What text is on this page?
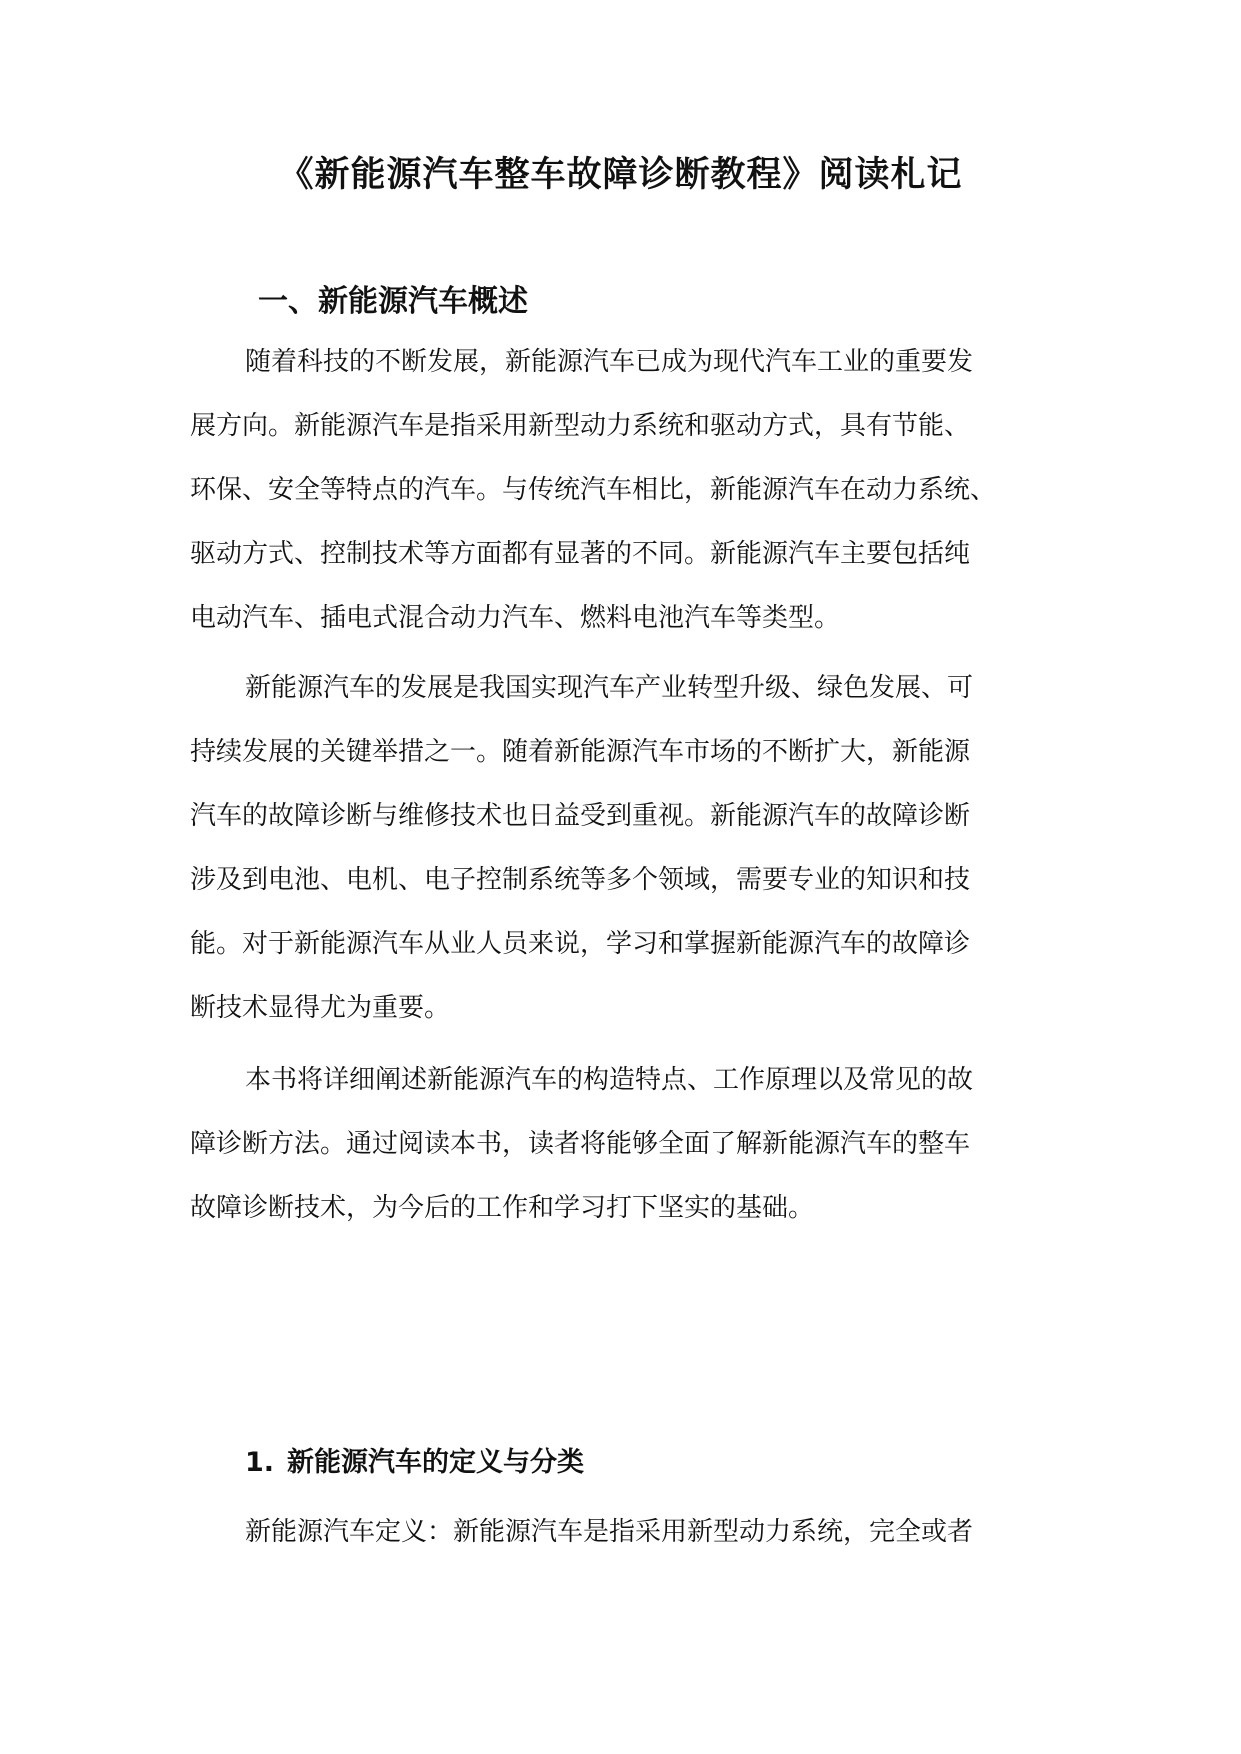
《新能源汽车整车故障诊断教程》阅读札记
一、新能源汽车概述

随着科技的不断发展，新能源汽车已成为现代汽车工业的重要发
展方向。新能源汽车是指采用新型动力系统和驱动方式，具有节能、
环保、安全等特点的汽车。与传统汽车相比，新能源汽车在动力系统、
驱动方式、控制技术等方面都有显著的不同。新能源汽车主要包括纯
电动汽车、插电式混合动力汽车、燃料电池汽车等类型。

新能源汽车的发展是我国实现汽车产业转型升级、绿色发展、可
持续发展的关键举措之一。随着新能源汽车市场的不断扩大，新能源
汽车的故障诊断与维修技术也日益受到重视。新能源汽车的故障诊断
涉及到电池、电机、电子控制系统等多个领域，需要专业的知识和技
能。对于新能源汽车从业人员来说，学习和掌握新能源汽车的故障诊
断技术显得尤为重要。

本书将详细阐述新能源汽车的构造特点、工作原理以及常见的故
障诊断方法。通过阅读本书，读者将能够全面了解新能源汽车的整车
故障诊断技术，为今后的工作和学习打下坚实的基础。

1. 新能源汽车的定义与分类

新能源汽车定义：新能源汽车是指采用新型动力系统，完全或者
